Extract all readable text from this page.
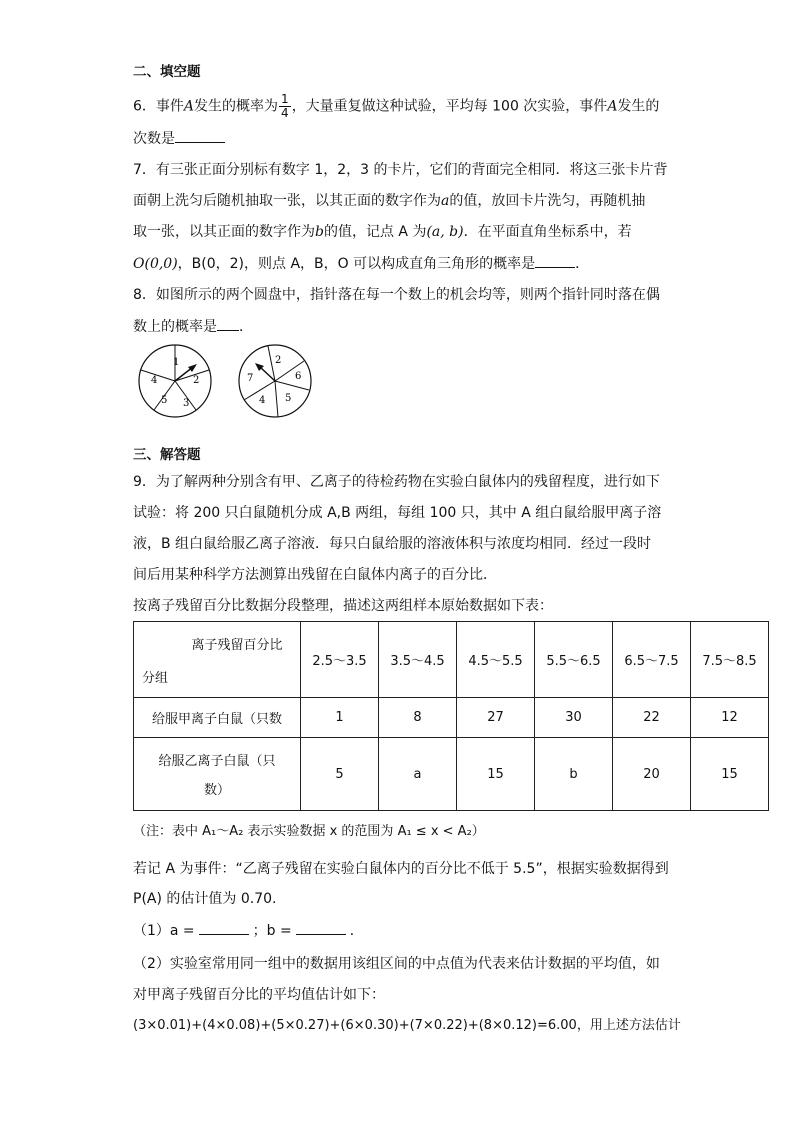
二、填空题
6．事件A发生的概率为 $\frac{1}{4}$ ，大量重复做这种试验，平均每 100 次实验，事件A发生的
次数是
7．有三张正面分别标有数字 1，2，3 的卡片，它们的背面完全相同．将这三张卡片背
面朝上洗匀后随机抽取一张，以其正面的数字作为a的值，放回卡片洗匀，再随机抽
取一张，以其正面的数字作为b的值，记点 A 为(a, b)．在平面直角坐标系中，若
O(0,0)，B(0，2)，则点 A，B，O 可以构成直角三角形的概率是	．
8．如图所示的两个圆盘中，指针落在每一个数上的机会均等，则两个指针同时落在偶
数上的概率是 ．
1
2
3
5
4
2
6
5
4
7
三、解答题
9．为了解两种分别含有甲、乙离子的待检药物在实验白鼠体内的残留程度，进行如下
试验：将 200 只白鼠随机分成 A,B 两组，每组 100 只，其中 A 组白鼠给服甲离子溶
液，B 组白鼠给服乙离子溶液．每只白鼠给服的溶液体积与浓度均相同．经过一段时
间后用某种科学方法测算出残留在白鼠体内离子的百分比．
按离子残留百分比数据分段整理，描述这两组样本原始数据如下表：
离子残留百分比
分组	2.5～3.5	3.5～4.5	4.5～5.5	5.5～6.5	6.5～7.5	7.5～8.5
给服甲离子白鼠（只数	1	8	27	30	22	12

给服乙离子白鼠（只
数）	5	a	15	b	20	15
（注：表中 A₁～A₂ 表示实验数据 x 的范围为 A₁ ≤ x < A₂）
若记 A 为事件：“乙离子残留在实验白鼠体内的百分比不低于 5.5”，根据实验数据得到
P(A) 的估计值为 0.70.
（1）a =	；b =	．
（2）实验室常用同一组中的数据用该组区间的中点值为代表来估计数据的平均值，如
对甲离子残留百分比的平均值估计如下：
(3×0.01)+(4×0.08)+(5×0.27)+(6×0.30)+(7×0.22)+(8×0.12)=6.00，用上述方法估计
